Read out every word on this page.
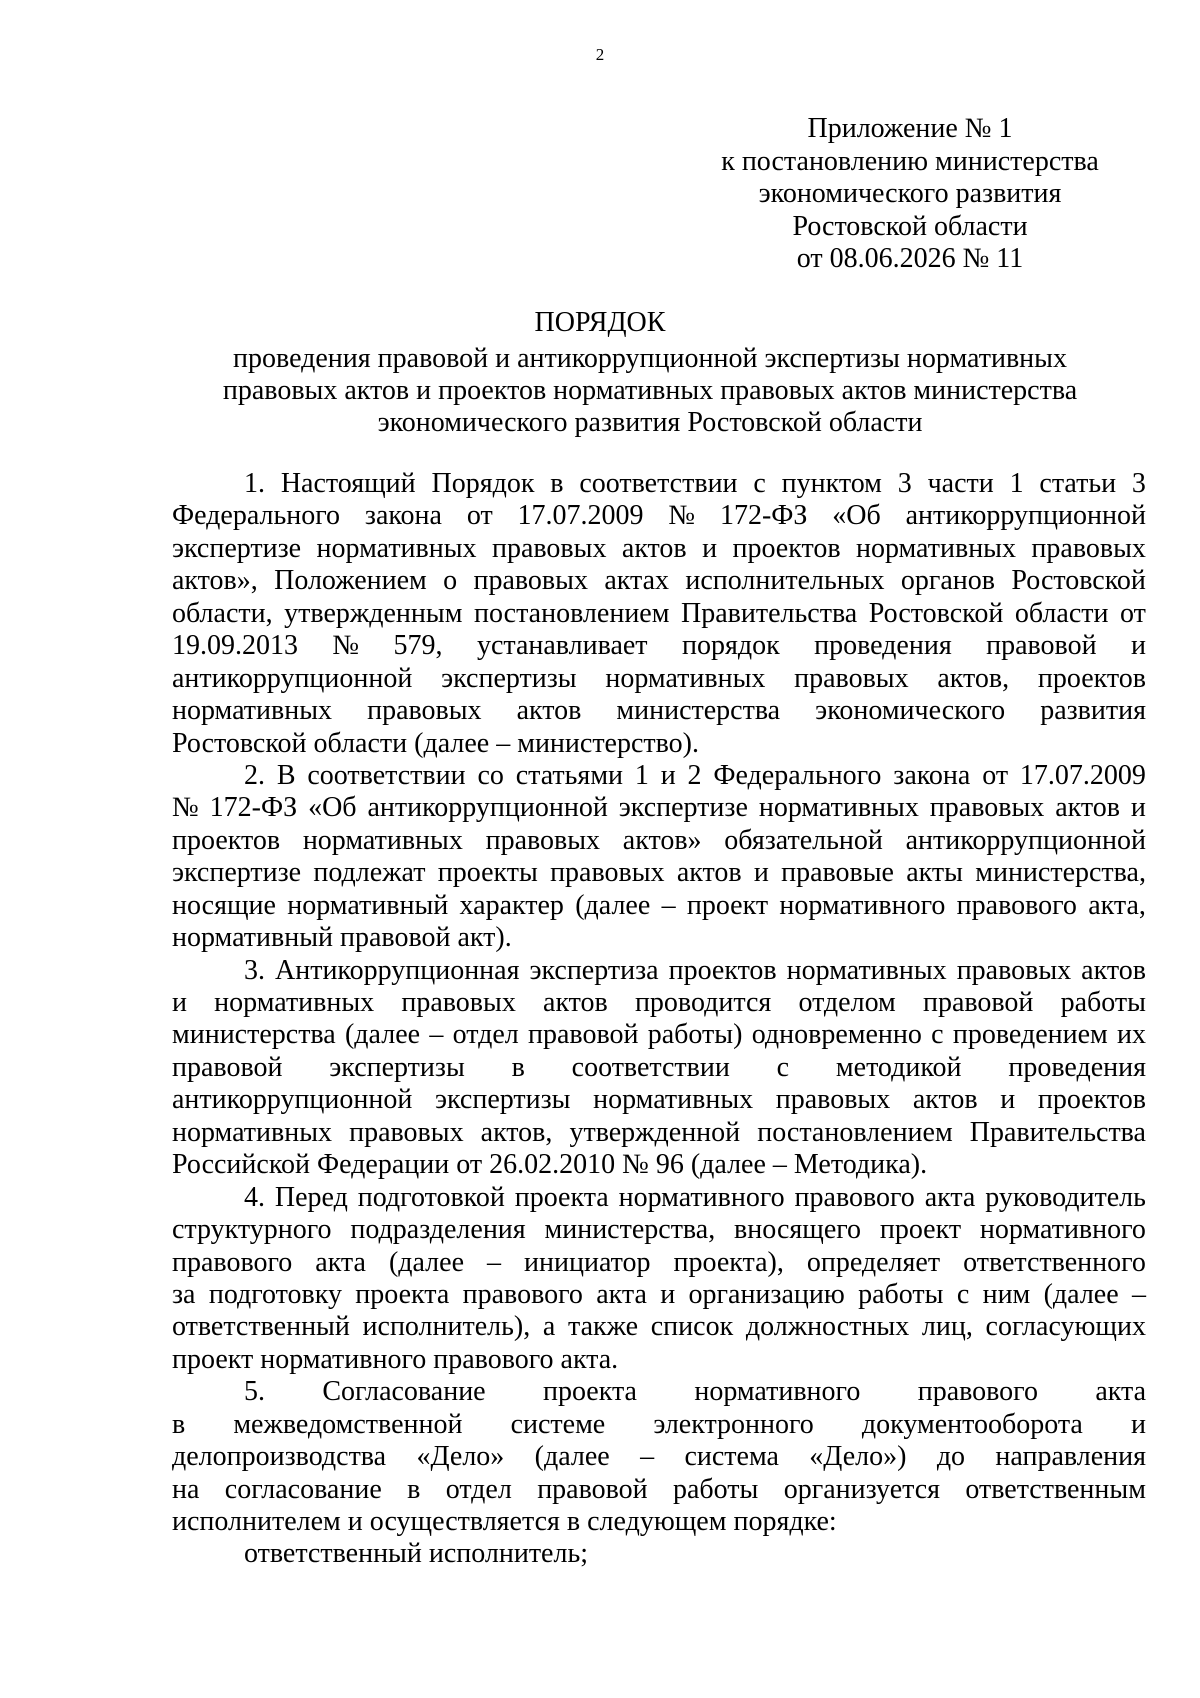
2
Приложение № 1
к постановлению министерства
экономического развития
Ростовской области
от 08.06.2026 № 11
ПОРЯДОК
проведения правовой и антикоррупционной экспертизы нормативных
правовых актов и проектов нормативных правовых актов министерства
экономического развития Ростовской области

1. Настоящий Порядок в соответствии с пунктом 3 части 1 статьи 3
Федерального закона от 17.07.2009 № 172-ФЗ «Об антикоррупционной
экспертизе нормативных правовых актов и проектов нормативных правовых
актов», Положением о правовых актах исполнительных органов Ростовской
области, утвержденным постановлением Правительства Ростовской области от
19.09.2013 № 579, устанавливает порядок проведения правовой и
антикоррупционной экспертизы нормативных правовых актов, проектов
нормативных правовых актов министерства экономического развития
Ростовской области (далее – министерство).

2. В соответствии со статьями 1 и 2 Федерального закона от 17.07.2009
№ 172-ФЗ «Об антикоррупционной экспертизе нормативных правовых актов и
проектов нормативных правовых актов» обязательной антикоррупционной
экспертизе подлежат проекты правовых актов и правовые акты министерства,
носящие нормативный характер (далее – проект нормативного правового акта,
нормативный правовой акт).

3. Антикоррупционная экспертиза проектов нормативных правовых актов
и нормативных правовых актов проводится отделом правовой работы
министерства (далее – отдел правовой работы) одновременно с проведением их
правовой экспертизы в соответствии с методикой проведения
антикоррупционной экспертизы нормативных правовых актов и проектов
нормативных правовых актов, утвержденной постановлением Правительства
Российской Федерации от 26.02.2010 № 96 (далее – Методика).

4. Перед подготовкой проекта нормативного правового акта руководитель
структурного подразделения министерства, вносящего проект нормативного
правового акта (далее – инициатор проекта), определяет ответственного
за подготовку проекта правового акта и организацию работы с ним (далее –
ответственный исполнитель), а также список должностных лиц, согласующих
проект нормативного правового акта.

5. Согласование проекта нормативного правового акта
в межведомственной системе электронного документооборота и
делопроизводства «Дело» (далее – система «Дело») до направления
на согласование в отдел правовой работы организуется ответственным
исполнителем и осуществляется в следующем порядке:

ответственный исполнитель;
